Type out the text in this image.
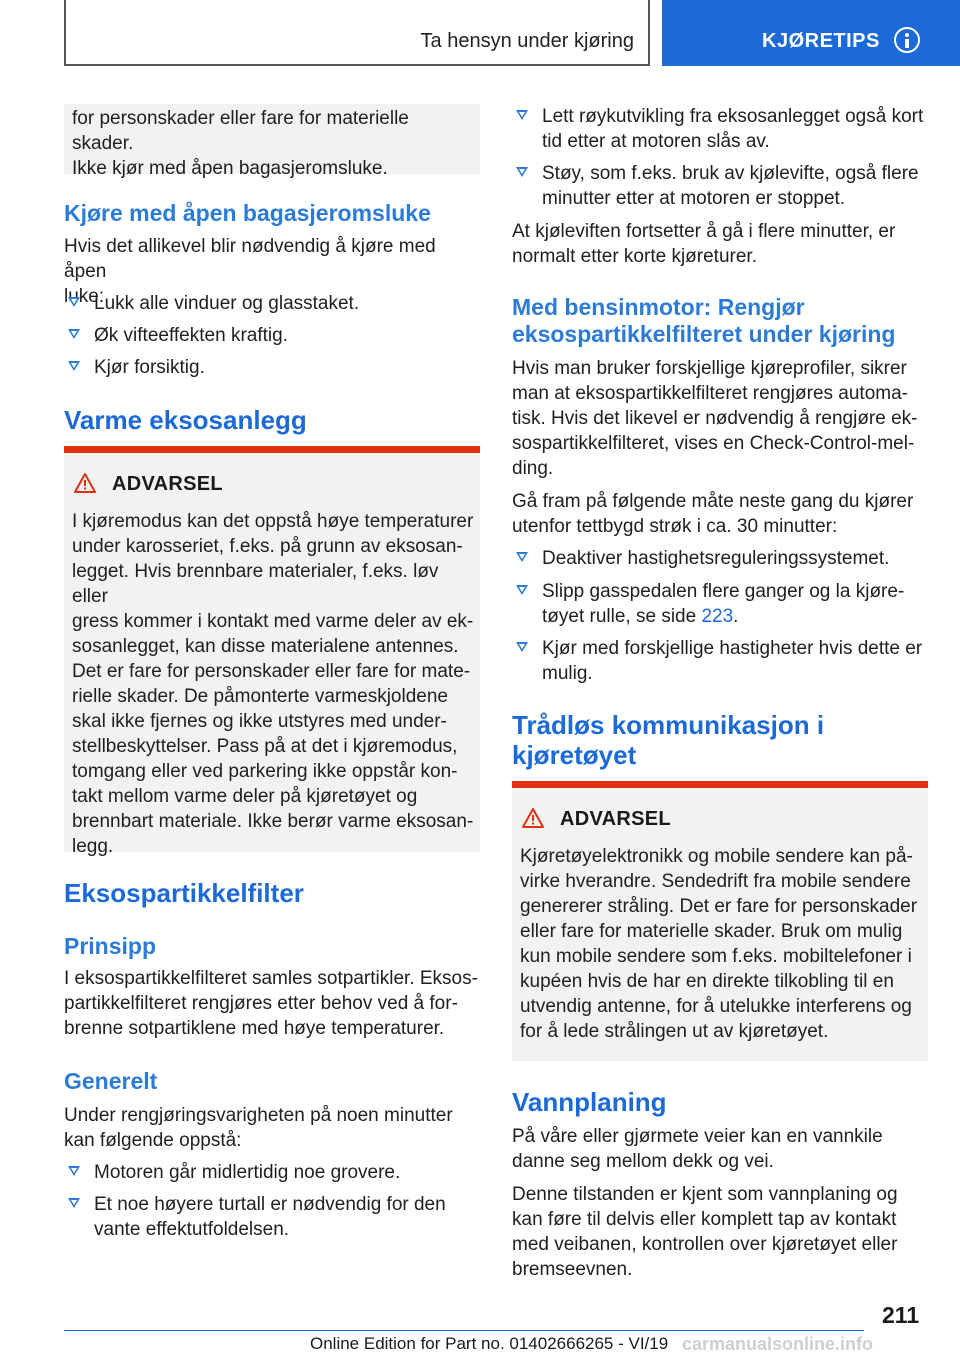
Ta hensyn under kjøring	KJØRETIPS

for personskader eller fare for materielle skader.

Ikke kjør med åpen bagasjeromsluke.

Kjøre med åpen bagasjeromsluke

Hvis det allikevel blir nødvendig å kjøre med åpen

luke:

Lukk alle vinduer og glasstaket.

Øk vifteeffekten kraftig.

Kjør forsiktig.

Varme eksosanlegg
ADVARSEL

I kjøremodus kan det oppstå høye temperaturer

under karosseriet, f.eks. på grunn av eksosan‐

legget. Hvis brennbare materialer, f.eks. løv eller

gress kommer i kontakt med varme deler av ek‐

sosanlegget, kan disse materialene antennes.

Det er fare for personskader eller fare for mate‐

rielle skader. De påmonterte varmeskjoldene

skal ikke fjernes og ikke utstyres med under‐

stellbeskyttelser. Pass på at det i kjøremodus,

tomgang eller ved parkering ikke oppstår kon‐

takt mellom varme deler på kjøretøyet og

brennbart materiale. Ikke berør varme eksosan‐

legg.

Eksospartikkelfilter
Prinsipp

I eksospartikkelfilteret samles sotpartikler. Eksos‐

partikkelfilteret rengjøres etter behov ved å for‐

brenne sotpartiklene med høye temperaturer.

Generelt

Under rengjøringsvarigheten på noen minutter

kan følgende oppstå:

Motoren går midlertidig noe grovere.

Et noe høyere turtall er nødvendig for den

vante effektutfoldelsen.

Lett røykutvikling fra eksosanlegget også kort

tid etter at motoren slås av.

Støy, som f.eks. bruk av kjølevifte, også flere

minutter etter at motoren er stoppet.

At kjøleviften fortsetter å gå i flere minutter, er

normalt etter korte kjøreturer.

Med bensinmotor: Rengjør
eksospartikkelfilteret under kjøring

Hvis man bruker forskjellige kjøreprofiler, sikrer

man at eksospartikkelfilteret rengjøres automa‐

tisk. Hvis det likevel er nødvendig å rengjøre ek‐

sospartikkelfilteret, vises en Check-Control-mel‐

ding.

Gå fram på følgende måte neste gang du kjører

utenfor tettbygd strøk i ca. 30 minutter:

Deaktiver hastighetsreguleringssystemet.

Slipp gasspedalen flere ganger og la kjøre‐

tøyet rulle, se side 223.

Kjør med forskjellige hastigheter hvis dette er

mulig.

Trådløs kommunikasjon i
kjøretøyet
ADVARSEL

Kjøretøyelektronikk og mobile sendere kan på‐

virke hverandre. Sendedrift fra mobile sendere

genererer stråling. Det er fare for personskader

eller fare for materielle skader. Bruk om mulig

kun mobile sendere som f.eks. mobiltelefoner i

kupéen hvis de har en direkte tilkobling til en

utvendig antenne, for å utelukke interferens og

for å lede strålingen ut av kjøretøyet.

Vannplaning

På våre eller gjørmete veier kan en vannkile

danne seg mellom dekk og vei.

Denne tilstanden er kjent som vannplaning og

kan føre til delvis eller komplett tap av kontakt

med veibanen, kontrollen over kjøretøyet eller

bremseevnen.

211
Online Edition for Part no. 01402666265 - VI/19 carmanualsonline.info
